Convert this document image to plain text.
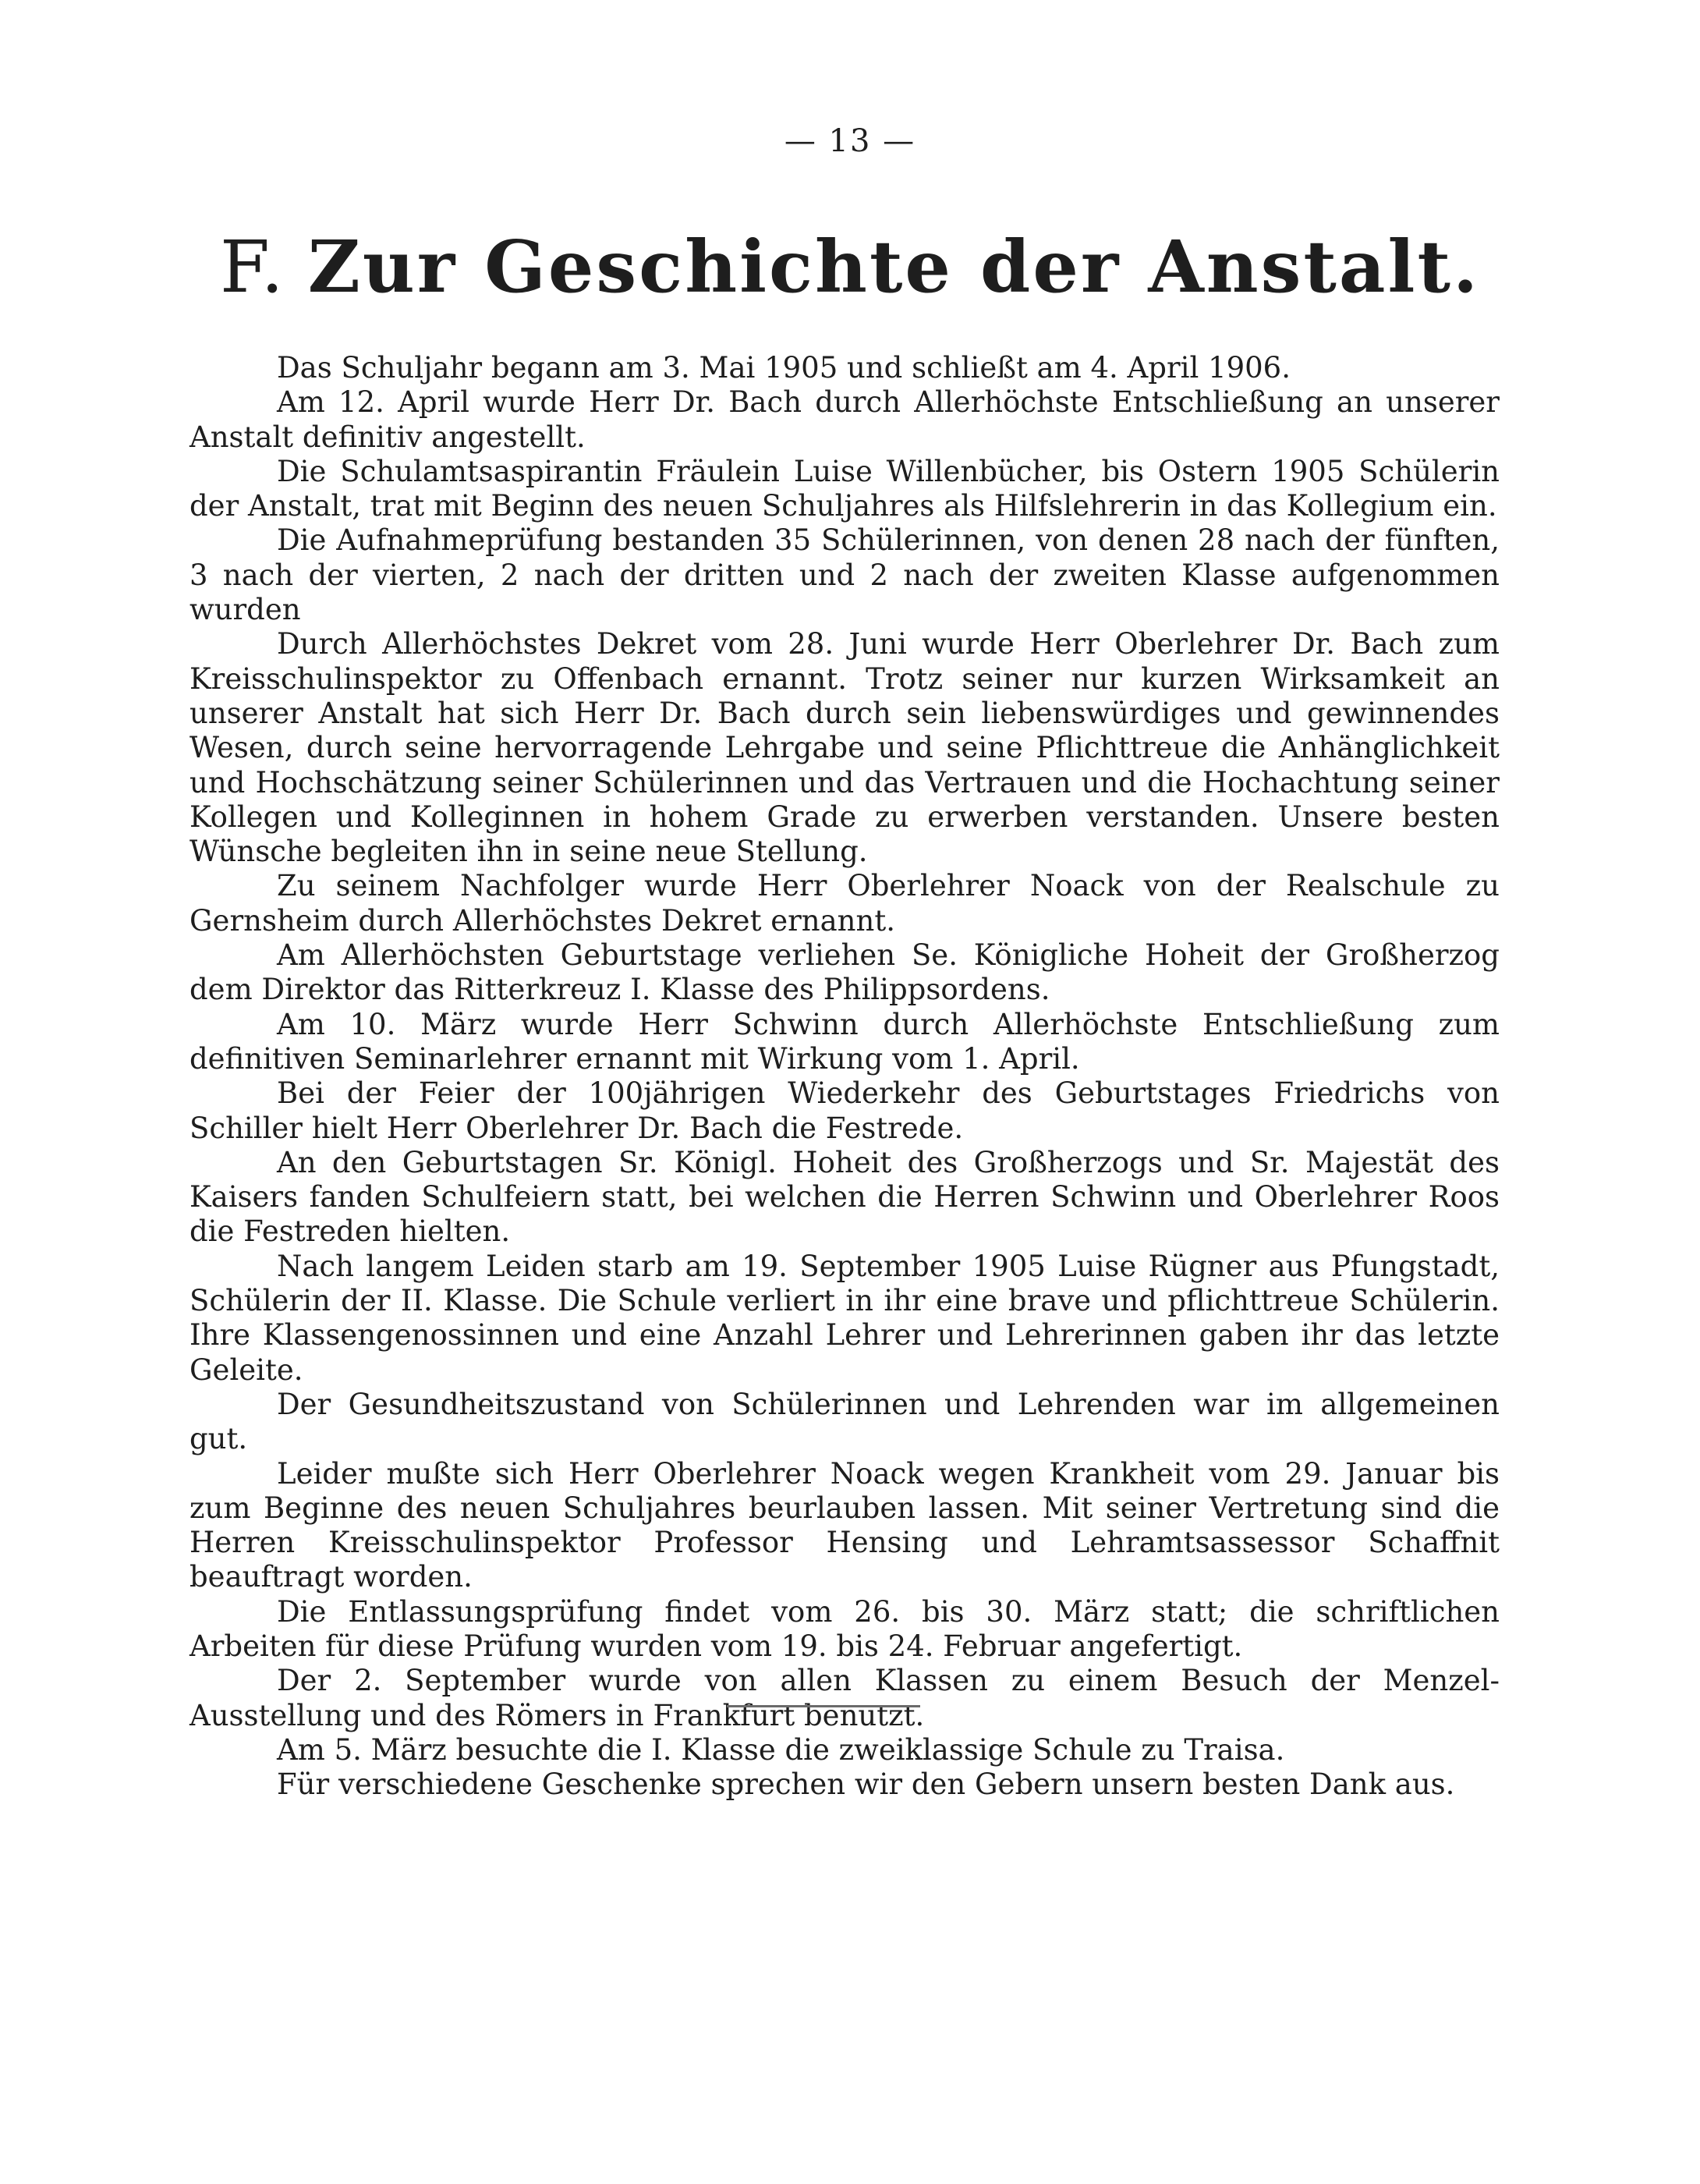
— 13 —
F. Zur Geschichte der Anstalt.

Das Schuljahr begann am 3. Mai 1905 und schließt am 4. April 1906.

Am 12. April wurde Herr Dr. Bach durch Allerhöchste Entschließung an unserer Anstalt definitiv angestellt.

Die Schulamtsaspirantin Fräulein Luise Willenbücher, bis Ostern 1905 Schülerin der Anstalt, trat mit Beginn des neuen Schuljahres als Hilfslehrerin in das Kollegium ein.

Die Aufnahmeprüfung bestanden 35 Schülerinnen, von denen 28 nach der fünften, 3 nach der vierten, 2 nach der dritten und 2 nach der zweiten Klasse aufgenommen wurden

Durch Allerhöchstes Dekret vom 28. Juni wurde Herr Oberlehrer Dr. Bach zum Kreisschulinspektor zu Offenbach ernannt. Trotz seiner nur kurzen Wirksamkeit an unserer Anstalt hat sich Herr Dr. Bach durch sein liebenswürdiges und gewinnendes Wesen, durch seine hervorragende Lehrgabe und seine Pflichttreue die Anhänglichkeit und Hochschätzung seiner Schülerinnen und das Vertrauen und die Hochachtung seiner Kollegen und Kolleginnen in hohem Grade zu erwerben verstanden. Unsere besten Wünsche begleiten ihn in seine neue Stellung.

Zu seinem Nachfolger wurde Herr Oberlehrer Noack von der Realschule zu Gernsheim durch Allerhöchstes Dekret ernannt.

Am Allerhöchsten Geburtstage verliehen Se. Königliche Hoheit der Großherzog dem Direktor das Ritterkreuz I. Klasse des Philippsordens.

Am 10. März wurde Herr Schwinn durch Allerhöchste Entschließung zum definitiven Seminarlehrer ernannt mit Wirkung vom 1. April.

Bei der Feier der 100jährigen Wiederkehr des Geburtstages Friedrichs von Schiller hielt Herr Oberlehrer Dr. Bach die Festrede.

An den Geburtstagen Sr. Königl. Hoheit des Großherzogs und Sr. Majestät des Kaisers fanden Schulfeiern statt, bei welchen die Herren Schwinn und Oberlehrer Roos die Festreden hielten.

Nach langem Leiden starb am 19. September 1905 Luise Rügner aus Pfungstadt, Schülerin der II. Klasse. Die Schule verliert in ihr eine brave und pflichttreue Schülerin. Ihre Klassengenossinnen und eine Anzahl Lehrer und Lehrerinnen gaben ihr das letzte Geleite.

Der Gesundheitszustand von Schülerinnen und Lehrenden war im allgemeinen gut.

Leider mußte sich Herr Oberlehrer Noack wegen Krankheit vom 29. Januar bis zum Beginne des neuen Schuljahres beurlauben lassen. Mit seiner Vertretung sind die Herren Kreisschulinspektor Professor Hensing und Lehramtsassessor Schaffnit beauftragt worden.

Die Entlassungsprüfung findet vom 26. bis 30. März statt; die schriftlichen Arbeiten für diese Prüfung wurden vom 19. bis 24. Februar angefertigt.

Der 2. September wurde von allen Klassen zu einem Besuch der Menzel-Ausstellung und des Römers in Frankfurt benutzt.

Am 5. März besuchte die I. Klasse die zweiklassige Schule zu Traisa.

Für verschiedene Geschenke sprechen wir den Gebern unsern besten Dank aus.
